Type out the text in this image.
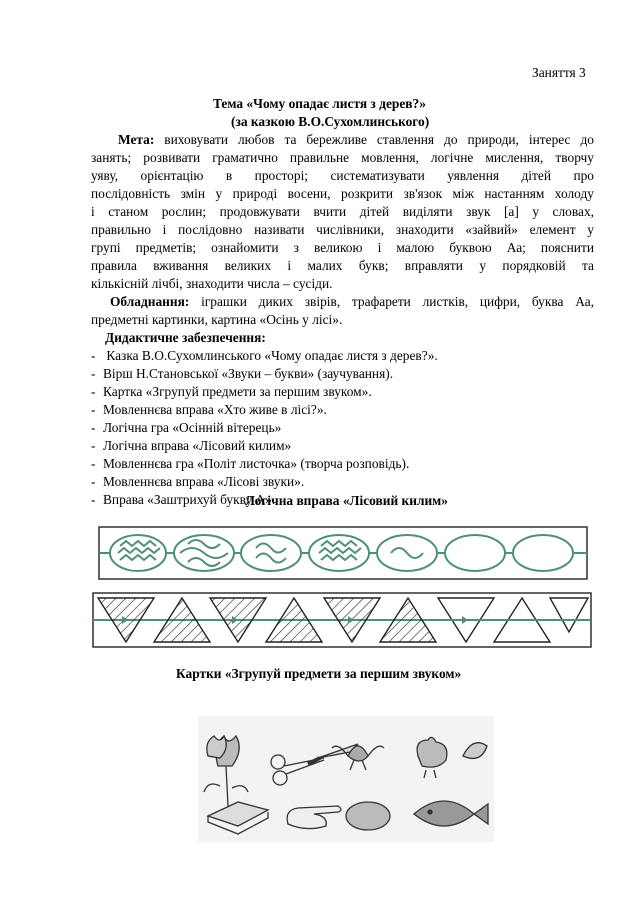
Заняття 3
Тема «Чому опадає листя з дерев?»
(за казкою В.О.Сухомлинського)
Мета: виховувати любов та бережливе ставлення до природи, інтерес до
занять; розвивати граматично правильне мовлення, логічне мислення, творчу
уяву, орієнтацію в просторі; систематизувати уявлення дітей про
послідовність змін у природі восени, розкрити зв'язок між настанням холоду
і станом рослин; продовжувати вчити дітей виділяти звук [а] у словах,
правильно і послідовно називати числівники, знаходити «зайвий» елемент у
групі предметів; ознайомити з великою і малою буквою Аа; пояснити
правила вживання великих і малих букв; вправляти у порядковій та
кількісній лічбі, знаходити числа – сусіди.
Обладнання: іграшки диких звірів, трафарети листків, цифри, буква Аа,
предметні картинки, картина «Осінь у лісі».
Дидактичне забезпечення:
- Казка В.О.Сухомлинського «Чому опадає листя з дерев?».
- Вірш Н.Становської «Звуки – букви» (заучування).
- Картка «Згрупуй предмети за першим звуком».
- Мовленнєва вправа «Хто живе в лісі?».
- Логічна гра «Осінній вітерець»
- Логічна вправа «Лісовий килим»
- Мовленнєва гра «Політ листочка» (творча розповідь).
- Мовленнєва вправа «Лісові звуки».
- Вправа «Заштрихуй букву А».
Логічна вправа «Лісовий килим»
Картки «Згрупуй предмети за першим звуком»
